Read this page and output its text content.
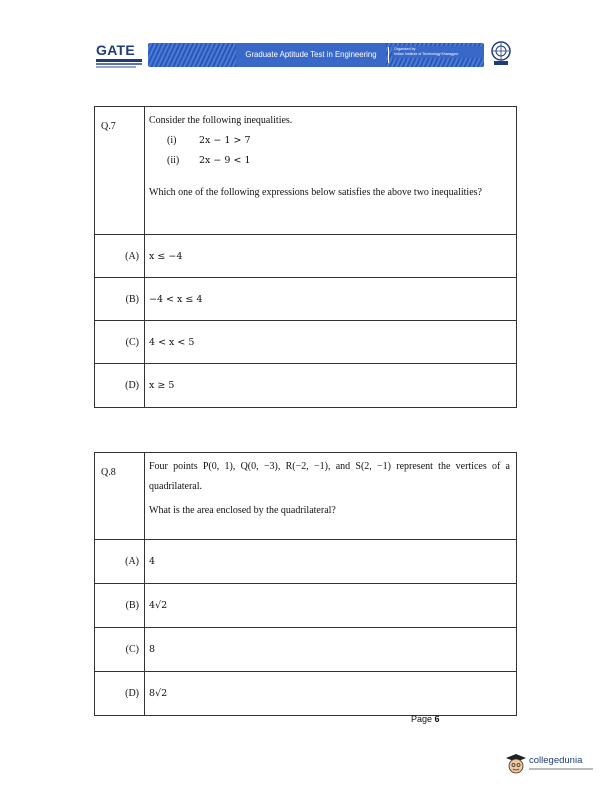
GATE	Graduate Aptitude Test in Engineering
Organised by
Indian Institute of Technology Kharagpur
Q.7
Consider the following inequalities.
(i)	2x − 1 > 7
(ii)	2x − 9 < 1
Which one of the following expressions below satisfies the above two inequalities?
(A)	x ≤ −4
(B)	−4 < x ≤ 4
(C)	4 < x < 5
(D)	x ≥ 5
Q.8
Four points P(0, 1), Q(0, −3), R(−2, −1), and S(2, −1) represent the vertices of a quadrilateral.
What is the area enclosed by the quadrilateral?
(A)	4
(B)	4√2
(C)	8
(D)	8√2
Page 6
collegedunia
